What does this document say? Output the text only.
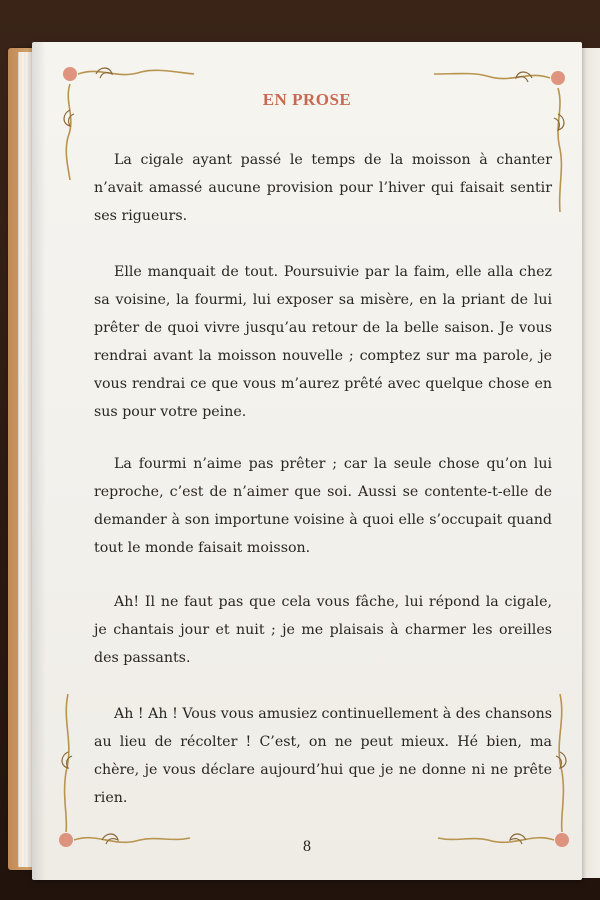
EN PROSE

La cigale ayant passé le temps de la moisson à chanter n’avait amassé aucune provision pour l’hiver qui faisait sentir ses rigueurs.

Elle manquait de tout. Poursuivie par la faim, elle alla chez sa voisine, la fourmi, lui exposer sa misère, en la priant de lui prêter de quoi vivre jusqu’au retour de la belle saison. Je vous rendrai avant la moisson nouvelle ; comptez sur ma parole, je vous rendrai ce que vous m’aurez prêté avec quelque chose en sus pour votre peine.

La fourmi n’aime pas prêter ; car la seule chose qu’on lui reproche, c’est de n’aimer que soi. Aussi se contente-t-elle de demander à son importune voisine à quoi elle s’occupait quand tout le monde faisait moisson.

Ah! Il ne faut pas que cela vous fâche, lui répond la cigale, je chantais jour et nuit ; je me plaisais à charmer les oreilles des passants.

Ah ! Ah ! Vous vous amusiez continuellement à des chansons au lieu de récolter ! C’est, on ne peut mieux. Hé bien, ma chère, je vous déclare aujourd’hui que je ne donne ni ne prête rien.

8
